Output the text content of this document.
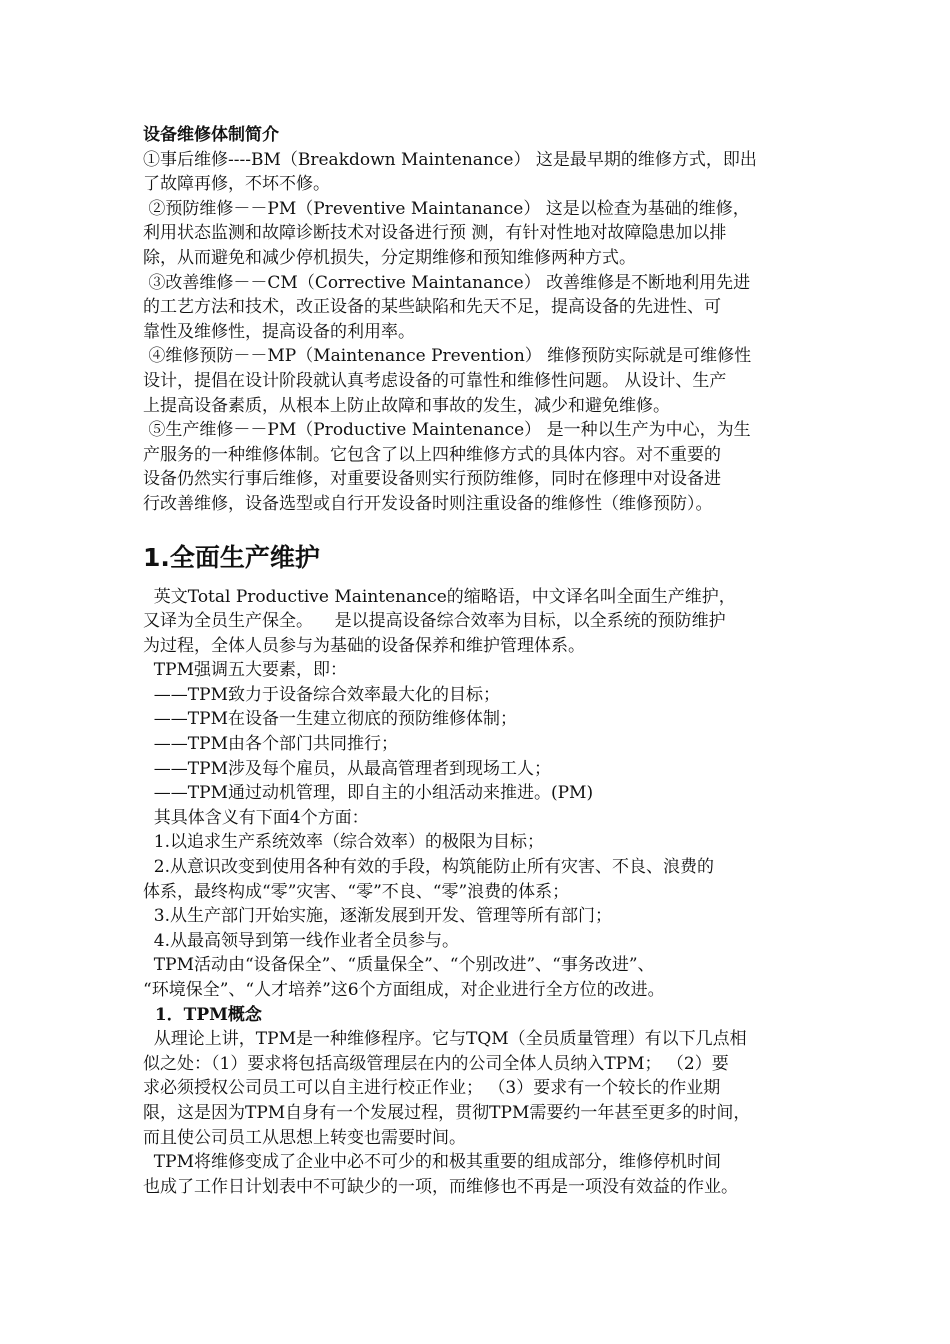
设备维修体制简介

①事后维修----BM（Breakdown Maintenance） 这是最早期的维修方式，即出

了故障再修，不坏不修。

②预防维修－－PM（Preventive Maintanance） 这是以检查为基础的维修，

利用状态监测和故障诊断技术对设备进行预 测，有针对性地对故障隐患加以排

除，从而避免和减少停机损失，分定期维修和预知维修两种方式。

③改善维修－－CM（Corrective Maintanance） 改善维修是不断地利用先进

的工艺方法和技术，改正设备的某些缺陷和先天不足，提高设备的先进性、可

靠性及维修性，提高设备的利用率。

④维修预防－－MP（Maintenance Prevention） 维修预防实际就是可维修性

设计，提倡在设计阶段就认真考虑设备的可靠性和维修性问题。 从设计、生产

上提高设备素质，从根本上防止故障和事故的发生，减少和避免维修。

⑤生产维修－－PM（Productive Maintenance） 是一种以生产为中心，为生

产服务的一种维修体制。它包含了以上四种维修方式的具体内容。对不重要的

设备仍然实行事后维修，对重要设备则实行预防维修，同时在修理中对设备进

行改善维修，设备选型或自行开发设备时则注重设备的维修性（维修预防）。

1.全面生产维护

英文Total Productive Maintenance的缩略语，中文译名叫全面生产维护，

又译为全员生产保全。    是以提高设备综合效率为目标，以全系统的预防维护

为过程，全体人员参与为基础的设备保养和维护管理体系。

TPM强调五大要素，即：

——TPM致力于设备综合效率最大化的目标；

——TPM在设备一生建立彻底的预防维修体制；

——TPM由各个部门共同推行；

——TPM涉及每个雇员，从最高管理者到现场工人；

——TPM通过动机管理，即自主的小组活动来推进。(PM)

其具体含义有下面4个方面：

1.以追求生产系统效率（综合效率）的极限为目标；

2.从意识改变到使用各种有效的手段，构筑能防止所有灾害、不良、浪费的

体系，最终构成“零”灾害、“零”不良、“零”浪费的体系；

3.从生产部门开始实施，逐渐发展到开发、管理等所有部门；

4.从最高领导到第一线作业者全员参与。

TPM活动由“设备保全”、“质量保全”、“个别改进”、“事务改进”、

“环境保全”、“人才培养”这6个方面组成，对企业进行全方位的改进。

1．TPM概念

从理论上讲，TPM是一种维修程序。它与TQM（全员质量管理）有以下几点相

似之处：（1）要求将包括高级管理层在内的公司全体人员纳入TPM； （2）要

求必须授权公司员工可以自主进行校正作业； （3）要求有一个较长的作业期

限，这是因为TPM自身有一个发展过程，贯彻TPM需要约一年甚至更多的时间，

而且使公司员工从思想上转变也需要时间。

TPM将维修变成了企业中必不可少的和极其重要的组成部分，维修停机时间

也成了工作日计划表中不可缺少的一项，而维修也不再是一项没有效益的作业。
